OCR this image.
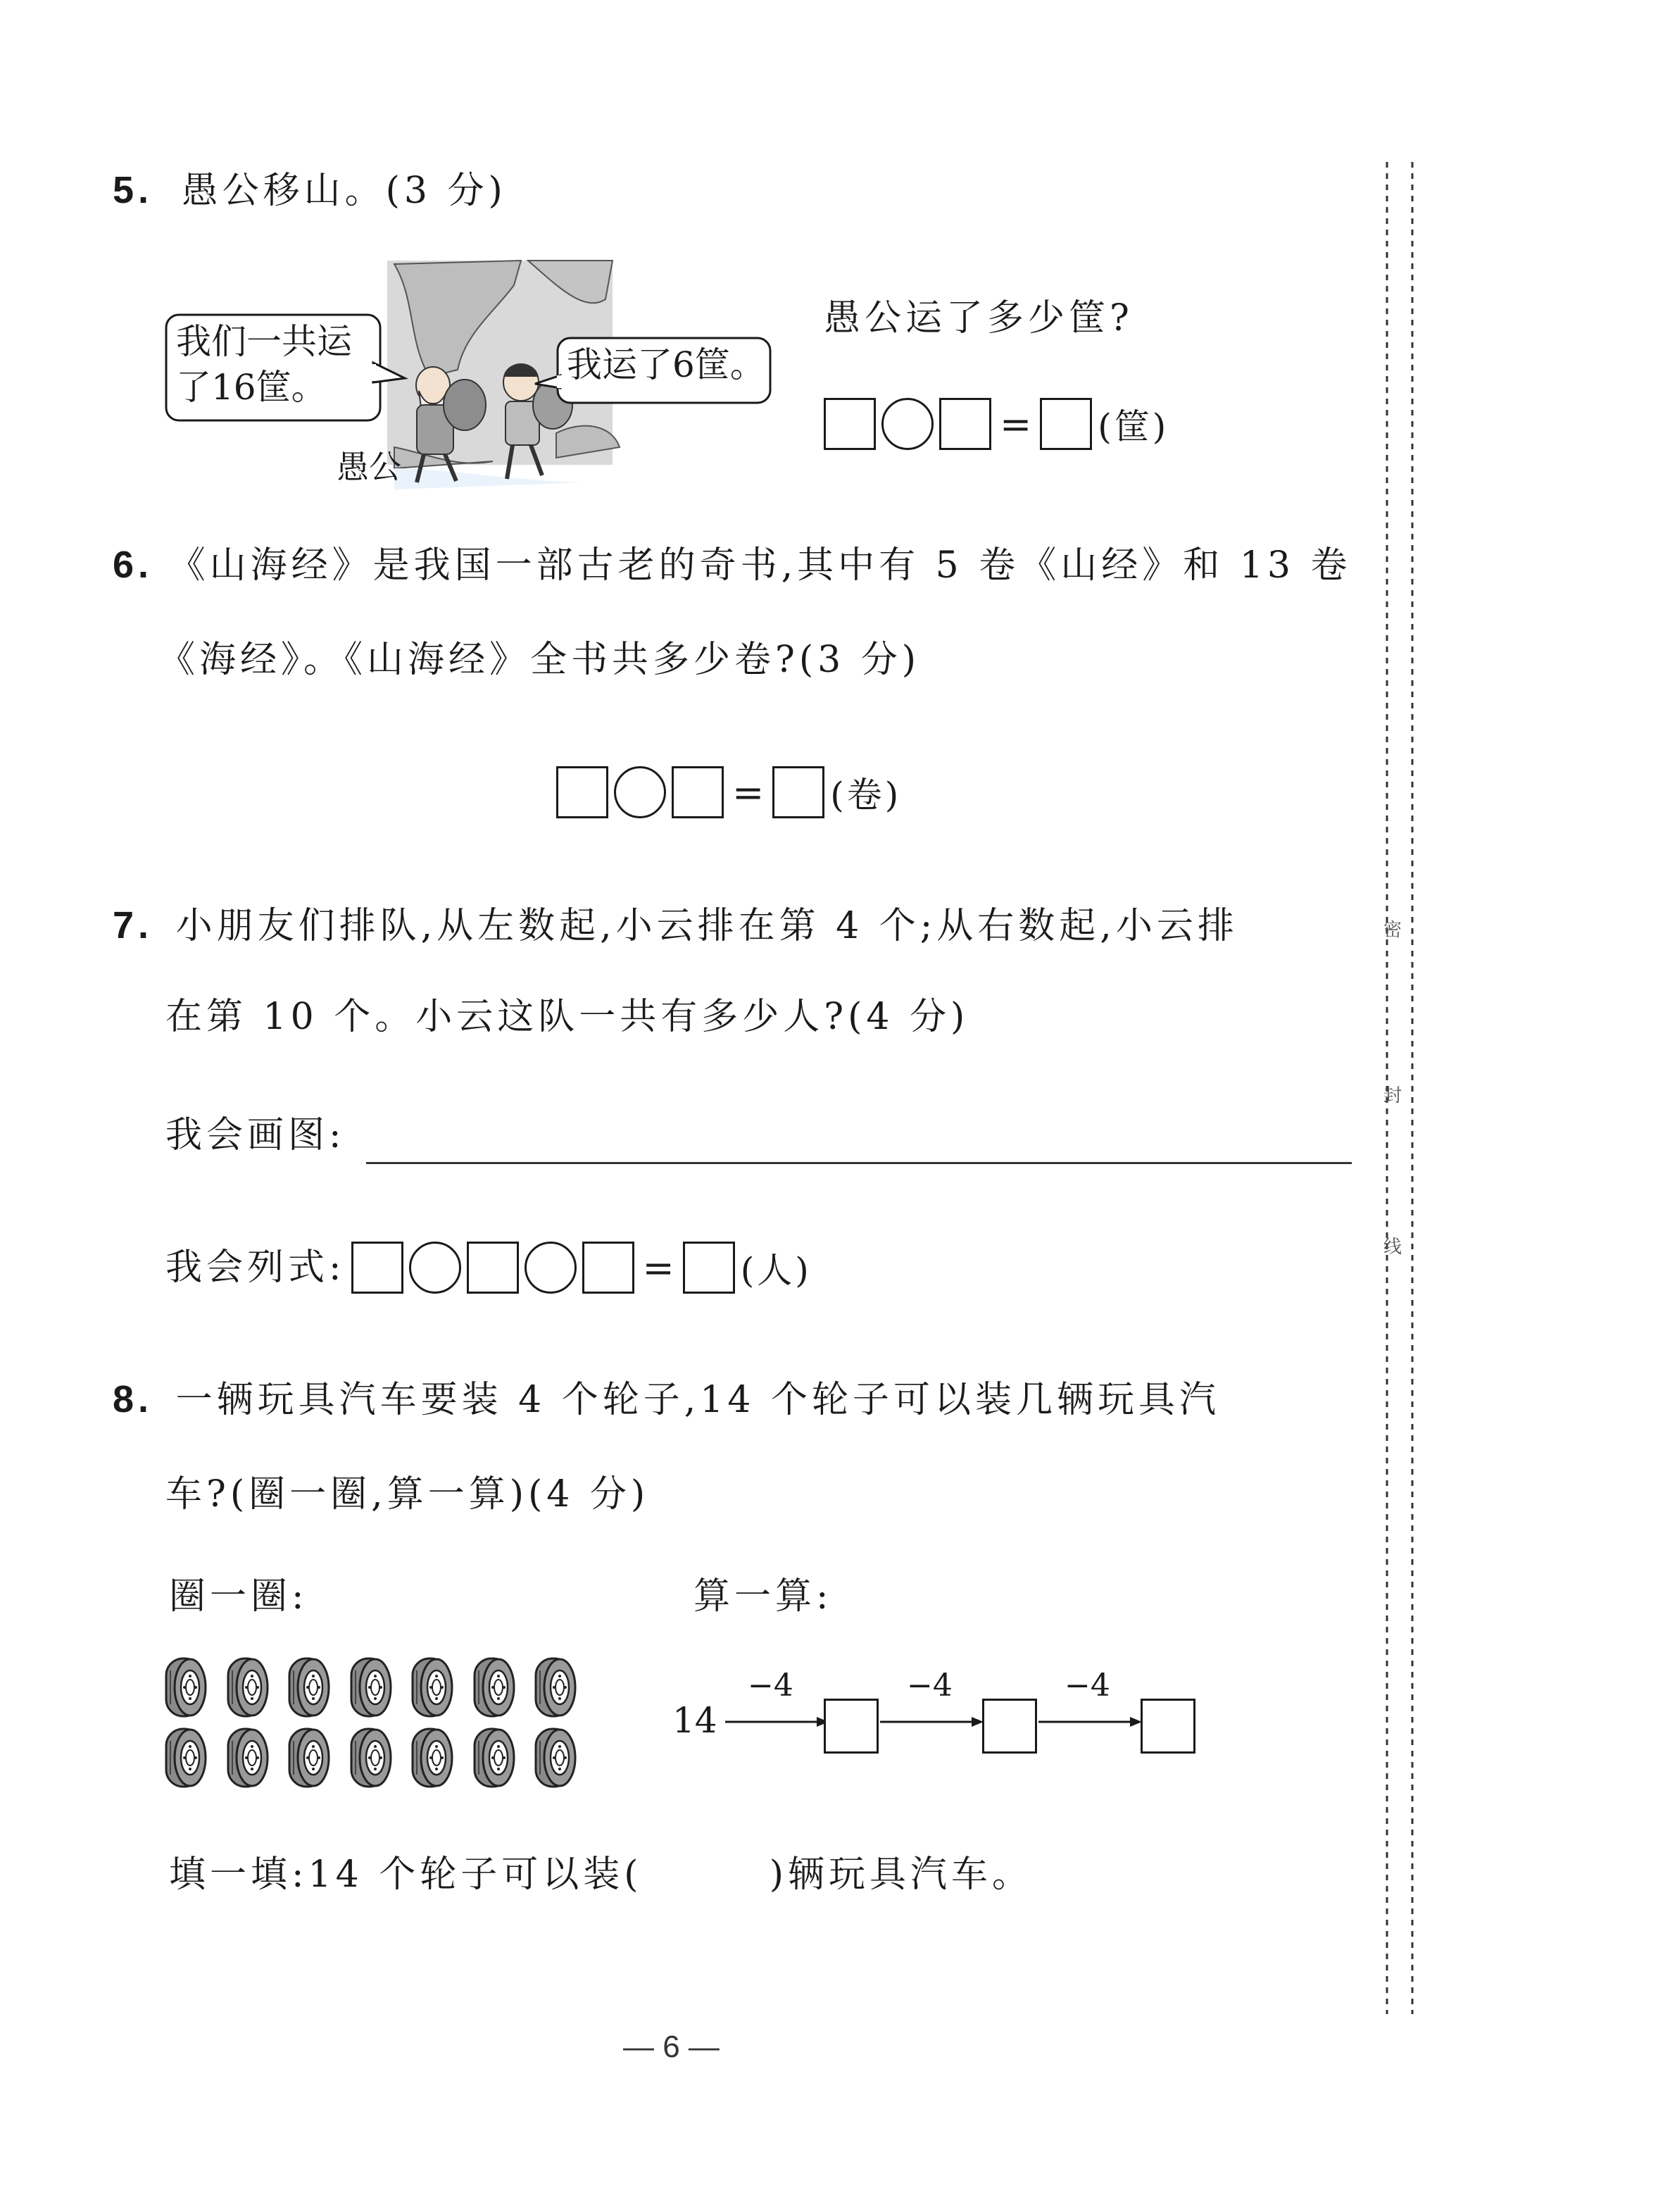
密
封
线
5. 愚公移山。(3 分)
我们一共运
了16筐。
我运了6筐。
愚公
愚公运了多少筐?
= (筐)
6. 《山海经》是我国一部古老的奇书,其中有 5 卷《山经》和 13 卷
《海经》。《山海经》全书共多少卷?(3 分)
= (卷)
7. 小朋友们排队,从左数起,小云排在第 4 个;从右数起,小云排
在第 10 个。小云这队一共有多少人?(4 分)
我会画图:
我会列式:	= (人)
8. 一辆玩具汽车要装 4 个轮子,14 个轮子可以装几辆玩具汽
车?(圈一圈,算一算)(4 分)
圈一圈:	算一算:
14
−4	−4	−4
填一填:14 个轮子可以装(        )辆玩具汽车。
— 6 —
